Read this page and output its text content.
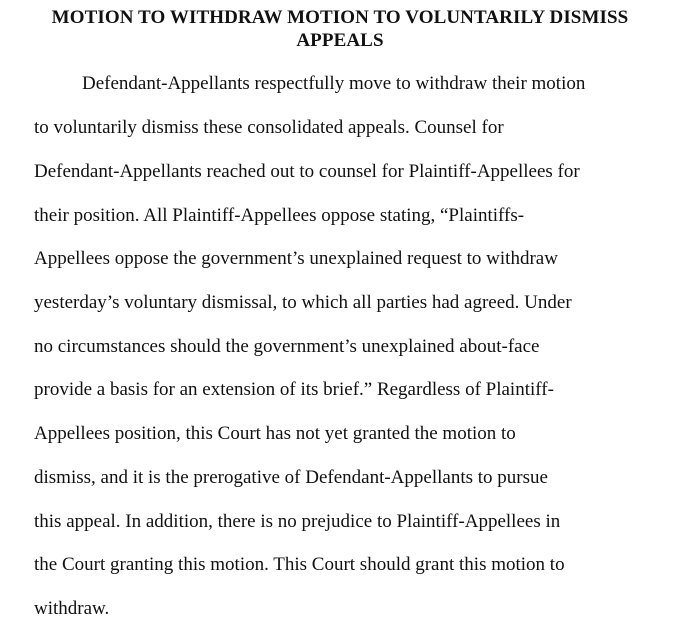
MOTION TO WITHDRAW MOTION TO VOLUNTARILY DISMISS
APPEALS
Defendant-Appellants respectfully move to withdraw their motion
to voluntarily dismiss these consolidated appeals. Counsel for
Defendant-Appellants reached out to counsel for Plaintiff-Appellees for
their position. All Plaintiff-Appellees oppose stating, “Plaintiffs-
Appellees oppose the government’s unexplained request to withdraw
yesterday’s voluntary dismissal, to which all parties had agreed. Under
no circumstances should the government’s unexplained about-face
provide a basis for an extension of its brief.” Regardless of Plaintiff-
Appellees position, this Court has not yet granted the motion to
dismiss, and it is the prerogative of Defendant-Appellants to pursue
this appeal. In addition, there is no prejudice to Plaintiff-Appellees in
the Court granting this motion. This Court should grant this motion to
withdraw.
